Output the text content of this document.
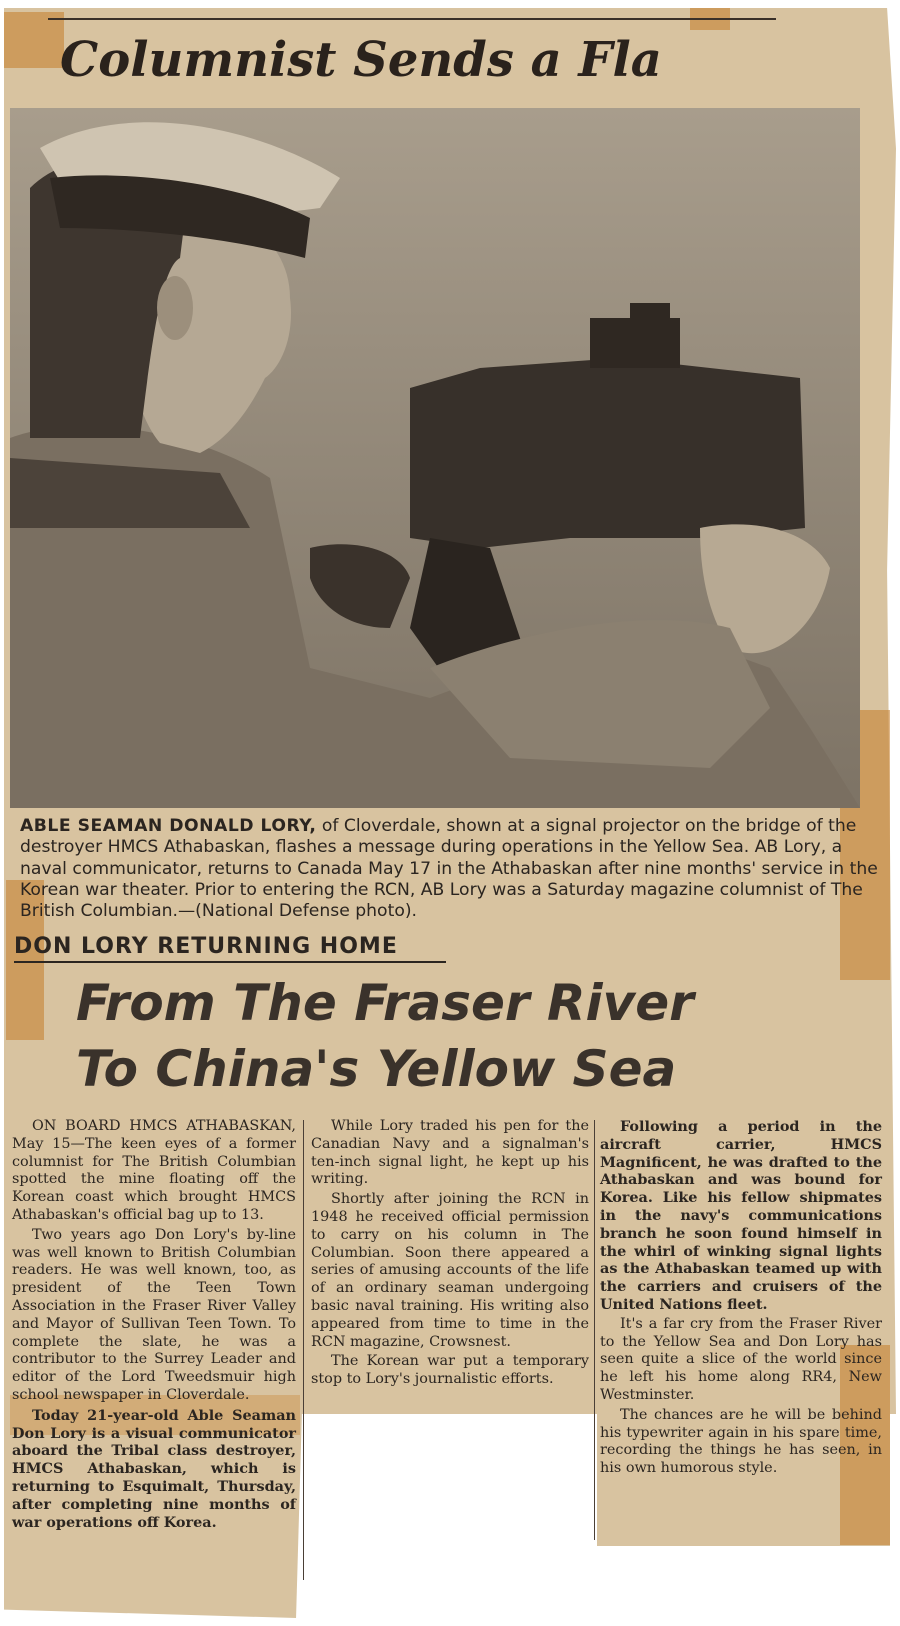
Columnist Sends a Fla
ABLE SEAMAN DONALD LORY, of Cloverdale, shown at a signal projector on the bridge of the destroyer HMCS Athabaskan, flashes a message during operations in the Yellow Sea. AB Lory, a naval communicator, returns to Canada May 17 in the Athabaskan after nine months' service in the Korean war theater. Prior to entering the RCN, AB Lory was a Saturday magazine columnist of The British Columbian.—(National Defense photo).
DON LORY RETURNING HOME
From The Fraser River
To China's Yellow Sea

ON BOARD HMCS ATHABASKAN, May 15—The keen eyes of a former columnist for The British Columbian spotted the mine floating off the Korean coast which brought HMCS Athabaskan's official bag up to 13.

Two years ago Don Lory's by-line was well known to British Columbian readers. He was well known, too, as president of the Teen Town Association in the Fraser River Valley and Mayor of Sullivan Teen Town. To complete the slate, he was a contributor to the Surrey Leader and editor of the Lord Tweedsmuir high school newspaper in Cloverdale.

Today 21-year-old Able Seaman Don Lory is a visual communicator aboard the Tribal class destroyer, HMCS Athabaskan, which is returning to Esquimalt, Thursday, after completing nine months of war operations off Korea.

While Lory traded his pen for the Canadian Navy and a signalman's ten-inch signal light, he kept up his writing.

Shortly after joining the RCN in 1948 he received official permission to carry on his column in The Columbian. Soon there appeared a series of amusing accounts of the life of an ordinary seaman undergoing basic naval training. His writing also appeared from time to time in the RCN magazine, Crowsnest.

The Korean war put a temporary stop to Lory's journalistic efforts.

Following a period in the aircraft carrier, HMCS Magnificent, he was drafted to the Athabaskan and was bound for Korea. Like his fellow shipmates in the navy's communications branch he soon found himself in the whirl of winking signal lights as the Athabaskan teamed up with the carriers and cruisers of the United Nations fleet.

It's a far cry from the Fraser River to the Yellow Sea and Don Lory has seen quite a slice of the world since he left his home along RR4, New Westminster.

The chances are he will be behind his typewriter again in his spare time, recording the things he has seen, in his own humorous style.
